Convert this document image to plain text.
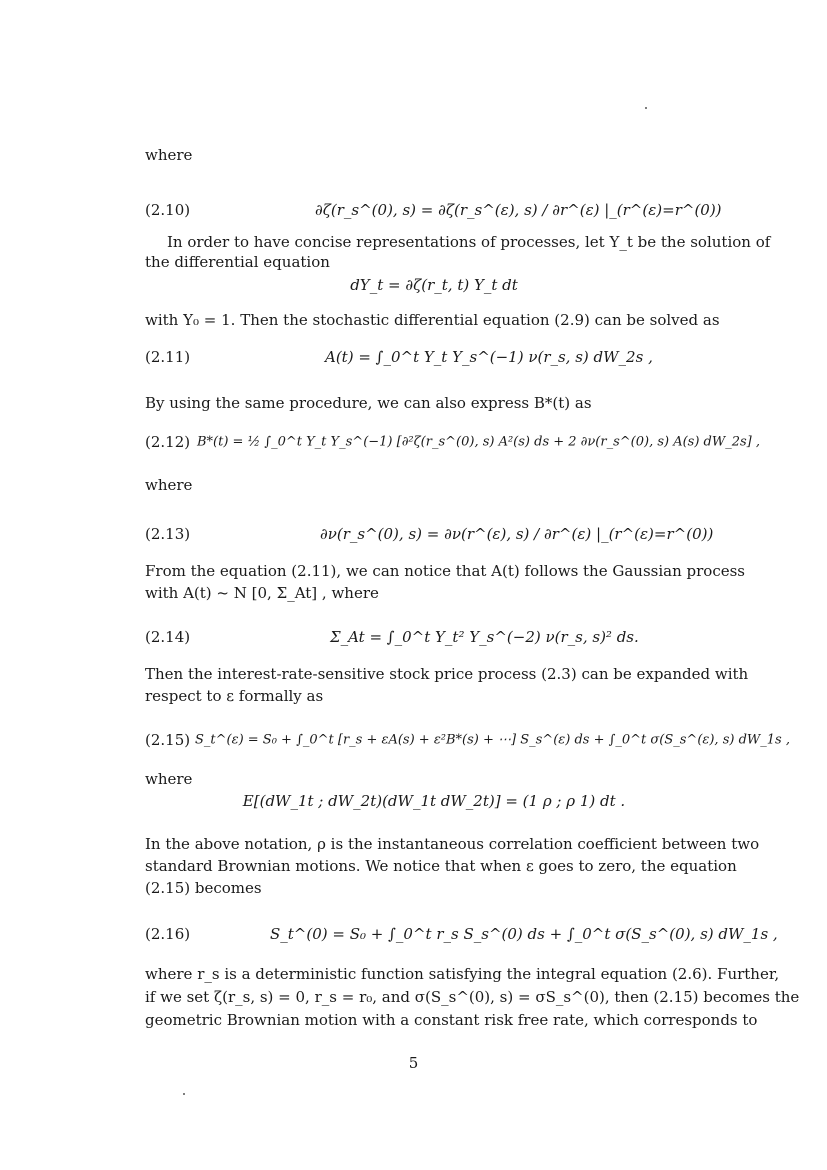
where
(2.10)	∂ζ(r_s^(0), s) = ∂ζ(r_s^(ε), s) / ∂r^(ε) |_(r^(ε)=r^(0))
In order to have concise representations of processes, let Y_t be the solution of
the differential equation
dY_t = ∂ζ(r_t, t) Y_t dt
with Y₀ = 1. Then the stochastic differential equation (2.9) can be solved as
(2.11)	A(t) = ∫_0^t Y_t Y_s^(−1) ν(r_s, s) dW_2s ,
By using the same procedure, we can also express B*(t) as
(2.12) B*(t) = ½ ∫_0^t Y_t Y_s^(−1) [∂²ζ(r_s^(0), s) A²(s) ds + 2 ∂ν(r_s^(0), s) A(s) dW_2s] ,
where
(2.13)	∂ν(r_s^(0), s) = ∂ν(r^(ε), s) / ∂r^(ε) |_(r^(ε)=r^(0))
From the equation (2.11), we can notice that A(t) follows the Gaussian process
with A(t) ~ N [0, Σ_At] , where
(2.14)	Σ_At = ∫_0^t Y_t² Y_s^(−2) ν(r_s, s)² ds.
Then the interest-rate-sensitive stock price process (2.3) can be expanded with
respect to ε formally as
(2.15) S_t^(ε) = S₀ + ∫_0^t [r_s + εA(s) + ε²B*(s) + ⋯] S_s^(ε) ds + ∫_0^t σ(S_s^(ε), s) dW_1s ,
where
E[(dW_1t ; dW_2t)(dW_1t dW_2t)] = (1 ρ ; ρ 1) dt .
In the above notation, ρ is the instantaneous correlation coefficient between two
standard Brownian motions. We notice that when ε goes to zero, the equation
(2.15) becomes
(2.16)	S_t^(0) = S₀ + ∫_0^t r_s S_s^(0) ds + ∫_0^t σ(S_s^(0), s) dW_1s ,
where r_s is a deterministic function satisfying the integral equation (2.6). Further,
if we set ζ(r_s, s) = 0, r_s = r₀, and σ(S_s^(0), s) = σS_s^(0), then (2.15) becomes the
geometric Brownian motion with a constant risk free rate, which corresponds to
5
